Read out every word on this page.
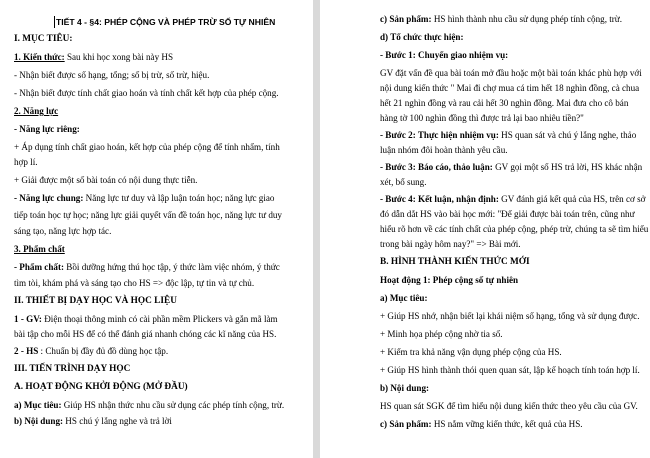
TIẾT 4 - §4: PHÉP CỘNG VÀ PHÉP TRỪ SỐ TỰ NHIÊN
I. MỤC TIÊU:
1. Kiến thức: Sau khi học xong bài này HS
- Nhận biết được số hạng, tổng; số bị trừ, số trừ, hiệu.
- Nhận biết được tính chất giao hoán và tính chất kết hợp của phép cộng.
2. Năng lực
- Năng lực riêng:
+ Áp dụng tính chất giao hoán, kết hợp của phép cộng để tính nhẩm, tính
hợp lí.
+ Giải được một số bài toán có nội dung thực tiễn.
- Năng lực chung: Năng lực tư duy và lập luận toán học; năng lực giao
tiếp toán học tự học; năng lực giải quyết vấn đề toán học, năng lực tư duy
sáng tạo, năng lực hợp tác.
3. Phẩm chất
- Phẩm chất: Bồi dưỡng hứng thú học tập, ý thức làm việc nhóm, ý thức
tìm tòi, khám phá và sáng tạo cho HS => độc lập, tự tin và tự chủ.
II. THIẾT BỊ DẠY HỌC VÀ HỌC LIỆU
1 - GV: Điện thoại thông minh có cài phần mềm Plickers và gắn mã làm
bài tập cho mỗi HS để có thể đánh giá nhanh chóng các kĩ năng của HS.
2 - HS : Chuẩn bị đầy đủ đồ dùng học tập.
III. TIẾN TRÌNH DẠY HỌC
A. HOẠT ĐỘNG KHỞI ĐỘNG (MỞ ĐẦU)
a) Mục tiêu: Giúp HS nhận thức nhu cầu sử dụng các phép tính cộng, trừ.
b) Nội dung: HS chú ý lắng nghe và trả lời
c) Sản phẩm: HS hình thành nhu cầu sử dụng phép tính cộng, trừ.
d) Tổ chức thực hiện:
- Bước 1: Chuyển giao nhiệm vụ:
GV đặt vấn đề qua bài toán mở đầu hoặc một bài toán khác phù hợp với
nội dung kiến thức " Mai đi chợ mua cá tim hết 18 nghìn đồng, cà chua
hết 21 nghìn đồng và rau cải hết 30 nghìn đồng. Mai đưa cho cô bán
hàng tờ 100 nghìn đồng thì được trả lại bao nhiêu tiền?"
- Bước 2: Thực hiện nhiệm vụ: HS quan sát và chú ý lắng nghe, thảo
luận nhóm đôi hoàn thành yêu cầu.
- Bước 3: Báo cáo, thảo luận: GV gọi một số HS trả lời, HS khác nhận
xét, bổ sung.
- Bước 4: Kết luận, nhận định: GV đánh giá kết quả của HS, trên cơ sở
đó dẫn dắt HS vào bài học mới: "Để giải được bài toán trên, cũng như
hiểu rõ hơn về các tính chất của phép cộng, phép trừ, chúng ta sẽ tìm hiểu
trong bài ngày hôm nay?" => Bài mới.
B. HÌNH THÀNH KIẾN THỨC MỚI
Hoạt động 1: Phép cộng số tự nhiên
a) Mục tiêu:
+ Giúp HS nhớ, nhận biết lại khái niệm số hạng, tổng và sử dụng được.
+ Minh họa phép cộng nhờ tia số.
+ Kiểm tra khả năng vận dụng phép cộng của HS.
+ Giúp HS hình thành thói quen quan sát, lập kế hoạch tính toán hợp lí.
b) Nội dung:
HS quan sát SGK để tìm hiểu nội dung kiến thức theo yêu cầu của GV.
c) Sản phẩm: HS nắm vững kiến thức, kết quả của HS.
